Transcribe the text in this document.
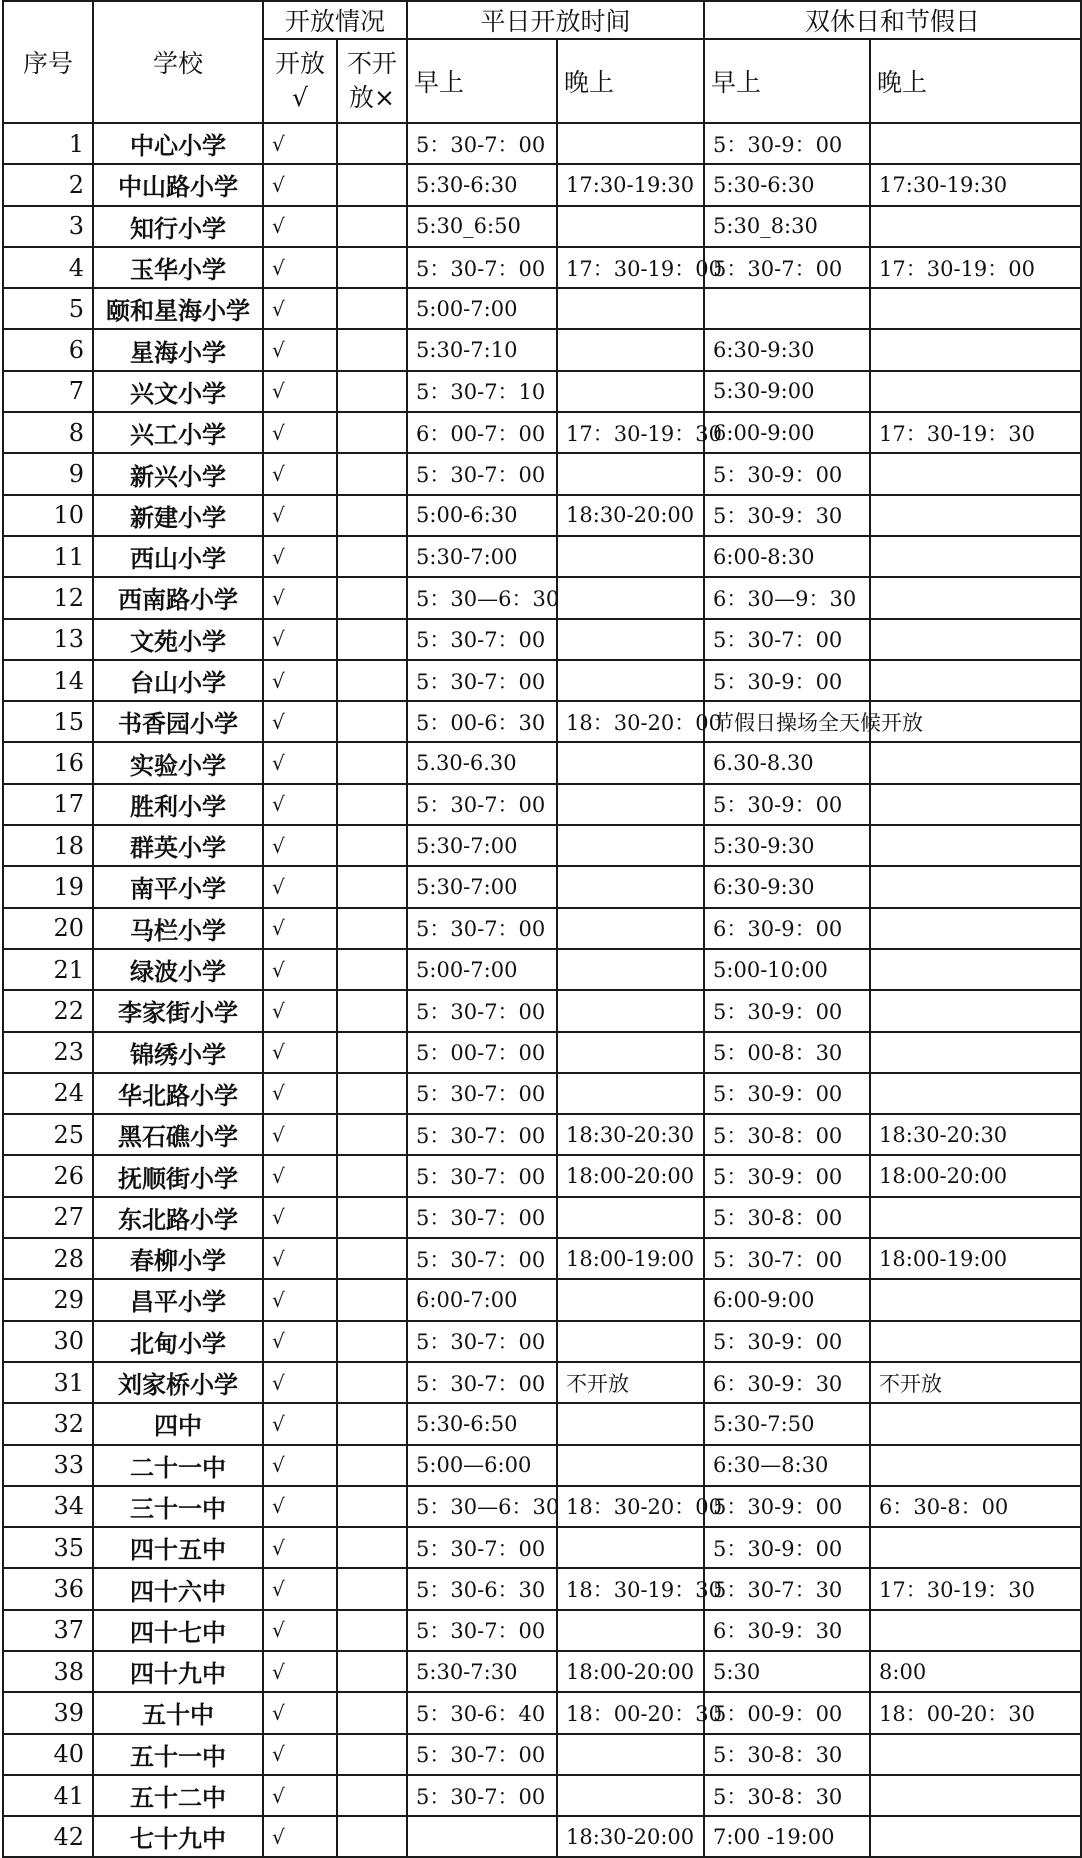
序号	学校	开放情况		平日开放时间		双休日和节假日	
		开放√	不开放×	早上	晚上	早上	晚上
1	中心小学	√		5：30-7：00		5：30-9：00	
2	中山路小学	√		5:30-6:30	17:30-19:30	5:30-6:30	17:30-19:30
3	知行小学	√		5:30_6:50		5:30_8:30	
4	玉华小学	√		5：30-7：00	17：30-19：00	5：30-7：00	17：30-19：00
5	颐和星海小学	√		5:00-7:00			
6	星海小学	√		5:30-7:10		6:30-9:30	
7	兴文小学	√		5：30-7：10		5:30-9:00	
8	兴工小学	√		6：00-7：00	17：30-19：30	6:00-9:00	17：30-19：30
9	新兴小学	√		5：30-7：00		5：30-9：00	
10	新建小学	√		5:00-6:30	18:30-20:00	5：30-9：30	
11	西山小学	√		5:30-7:00		6:00-8:30	
12	西南路小学	√		5：30—6：30		6：30—9：30	
13	文苑小学	√		5：30-7：00		5：30-7：00	
14	台山小学	√		5：30-7：00		5：30-9：00	
15	书香园小学	√		5：00-6：30	18：30-20：00	节假日操场全天候开放	
16	实验小学	√		5.30-6.30		6.30-8.30	
17	胜利小学	√		5：30-7：00		5：30-9：00	
18	群英小学	√		5:30-7:00		5:30-9:30	
19	南平小学	√		5:30-7:00		6:30-9:30	
20	马栏小学	√		5：30-7：00		6：30-9：00	
21	绿波小学	√		5:00-7:00		5:00-10:00	
22	李家街小学	√		5：30-7：00		5：30-9：00	
23	锦绣小学	√		5：00-7：00		5：00-8：30	
24	华北路小学	√		5：30-7：00		5：30-9：00	
25	黑石礁小学	√		5：30-7：00	18:30-20:30	5：30-8：00	18:30-20:30
26	抚顺街小学	√		5：30-7：00	18:00-20:00	5：30-9：00	18:00-20:00
27	东北路小学	√		5：30-7：00		5：30-8：00	
28	春柳小学	√		5：30-7：00	18:00-19:00	5：30-7：00	18:00-19:00
29	昌平小学	√		6:00-7:00		6:00-9:00	
30	北甸小学	√		5：30-7：00		5：30-9：00	
31	刘家桥小学	√		5：30-7：00	不开放	6：30-9：30	不开放
32	四中	√		5:30-6:50		5:30-7:50	
33	二十一中	√		5:00—6:00		6:30—8:30	
34	三十一中	√		5：30—6：30	18：30-20：00	5：30-9：00	6：30-8：00
35	四十五中	√		5：30-7：00		5：30-9：00	
36	四十六中	√		5：30-6：30	18：30-19：30	5：30-7：30	17：30-19：30
37	四十七中	√		5：30-7：00		6：30-9：30	
38	四十九中	√		5:30-7:30	18:00-20:00	5:30	8:00
39	五十中	√		5：30-6：40	18：00-20：30	5：00-9：00	18：00-20：30
40	五十一中	√		5：30-7：00		5：30-8：30	
41	五十二中	√		5：30-7：00		5：30-8：30	
42	七十九中	√			18:30-20:00	7:00 -19:00	
